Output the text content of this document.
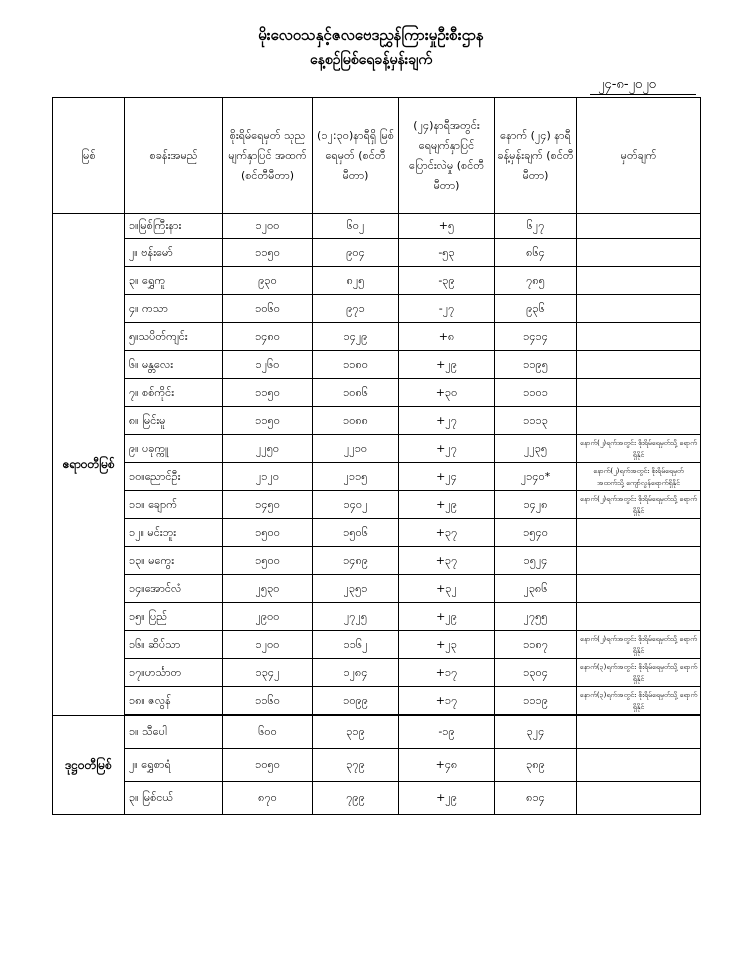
မိုးလေဝသနှင့်ဇလဗေဒညွှန်ကြားမှုဦးစီးဌာန
နေ့စဉ်မြစ်ရေခန့်မှန်းချက်
၂၄-၈-၂၀၂၀
မြစ်	စခန်းအမည်	စိုးရိမ်ရေမှတ် သုညမျက်နှာပြင် အထက် (စင်တီမီတာ)	(၁၂:၃၀)နာရီရှိ မြစ်ရေမှတ် (စင်တီမီတာ)	(၂၄)နာရီအတွင်း ရေမျက်နှာပြင် ပြောင်းလဲမှု (စင်တီမီတာ)	နောက် (၂၄) နာရီ ခန့်မှန်းချက် (စင်တီမီတာ)	မှတ်ချက်
ဧရာဝတီမြစ်	၁။မြစ်ကြီးနား	၁၂၀၀	၆၀၂	+၅	၆၂၇	
	၂။ ဗန်းမော်	၁၁၅၀	၉၀၄	-၅၃	၈၆၄	
	၃။ ရွှေကူ	၉၃၀	၈၂၅	-၃၉	၇၈၅	
	၄။ ကသာ	၁၀၆၀	၉၇၁	-၂၇	၉၃၆	
	၅။သပိတ်ကျင်း	၁၄၈၀	၁၄၂၉	+၈	၁၄၁၄	
	၆။ မန္တလေး	၁၂၆၀	၁၁၈၀	+၂၉	၁၁၉၅	
	၇။ စစ်ကိုင်း	၁၁၅၀	၁၀၈၆	+၃၀	၁၁၀၁	
	၈။ မြင်းမူ	၁၁၅၀	၁၀၈၈	+၂၇	၁၁၁၃	
	၉။ ပခုက္ကူ	၂၂၅၀	၂၂၁၀	+၂၇	၂၂၃၅	နောက်(၂)ရက်အတွင်း စိုးရိမ်ရေမှတ်သို့ ရောက်ရှိနိုင်
	၁၀။ညောင်ဦး	၂၁၂၀	၂၁၁၅	+၂၄	၂၁၄၀*	နောက်(၂)ရက်အတွင်း စိုးရိမ်ရေမှတ် အထက်သို့ ကျော်လွန်ရောက်ရှိနိုင်
	၁၁။ ချောက်	၁၄၅၀	၁၄၀၂	+၂၉	၁၄၂၈	နောက်(၂)ရက်အတွင်း စိုးရိမ်ရေမှတ်သို့ ရောက်ရှိနိုင်
	၁၂။ မင်းဘူး	၁၅၀၀	၁၅၀၆	+၃၇	၁၅၄၀	
	၁၃။ မကွေး	၁၅၀၀	၁၄၈၉	+၃၇	၁၅၂၄	
	၁၄။အောင်လံ	၂၅၃၀	၂၃၅၁	+၃၂	၂၃၈၆	
	၁၅။ ပြည်	၂၉၀၀	၂၇၂၅	+၂၉	၂၇၅၅	
	၁၆။ ဆိပ်သာ	၁၂၀၀	၁၁၆၂	+၂၃	၁၁၈၇	နောက်(၂)ရက်အတွင်း စိုးရိမ်ရေမှတ်သို့ ရောက်ရှိနိုင်
	၁၇။ဟင်္သာတ	၁၃၄၂	၁၂၈၄	+၁၇	၁၃၀၄	နောက်(၃)ရက်အတွင်း စိုးရိမ်ရေမှတ်သို့ ရောက်ရှိနိုင်
	၁၈။ ဇလွန်	၁၁၆၀	၁၀၉၉	+၁၇	၁၁၁၉	နောက်(၃)ရက်အတွင်း စိုးရိမ်ရေမှတ်သို့ ရောက်ရှိနိုင်
ဒုဋ္ဌဝတီမြစ်	၁။ သီပေါ	၆၀၀	၃၁၉	-၁၉	၃၂၄	
	၂။ ရွှေစာရံ	၁၀၅၀	၃၇၉	+၄၈	၃၈၉	
	၃။ မြစ်ငယ်	၈၇၀	၇၉၉	+၂၉	၈၁၄	
